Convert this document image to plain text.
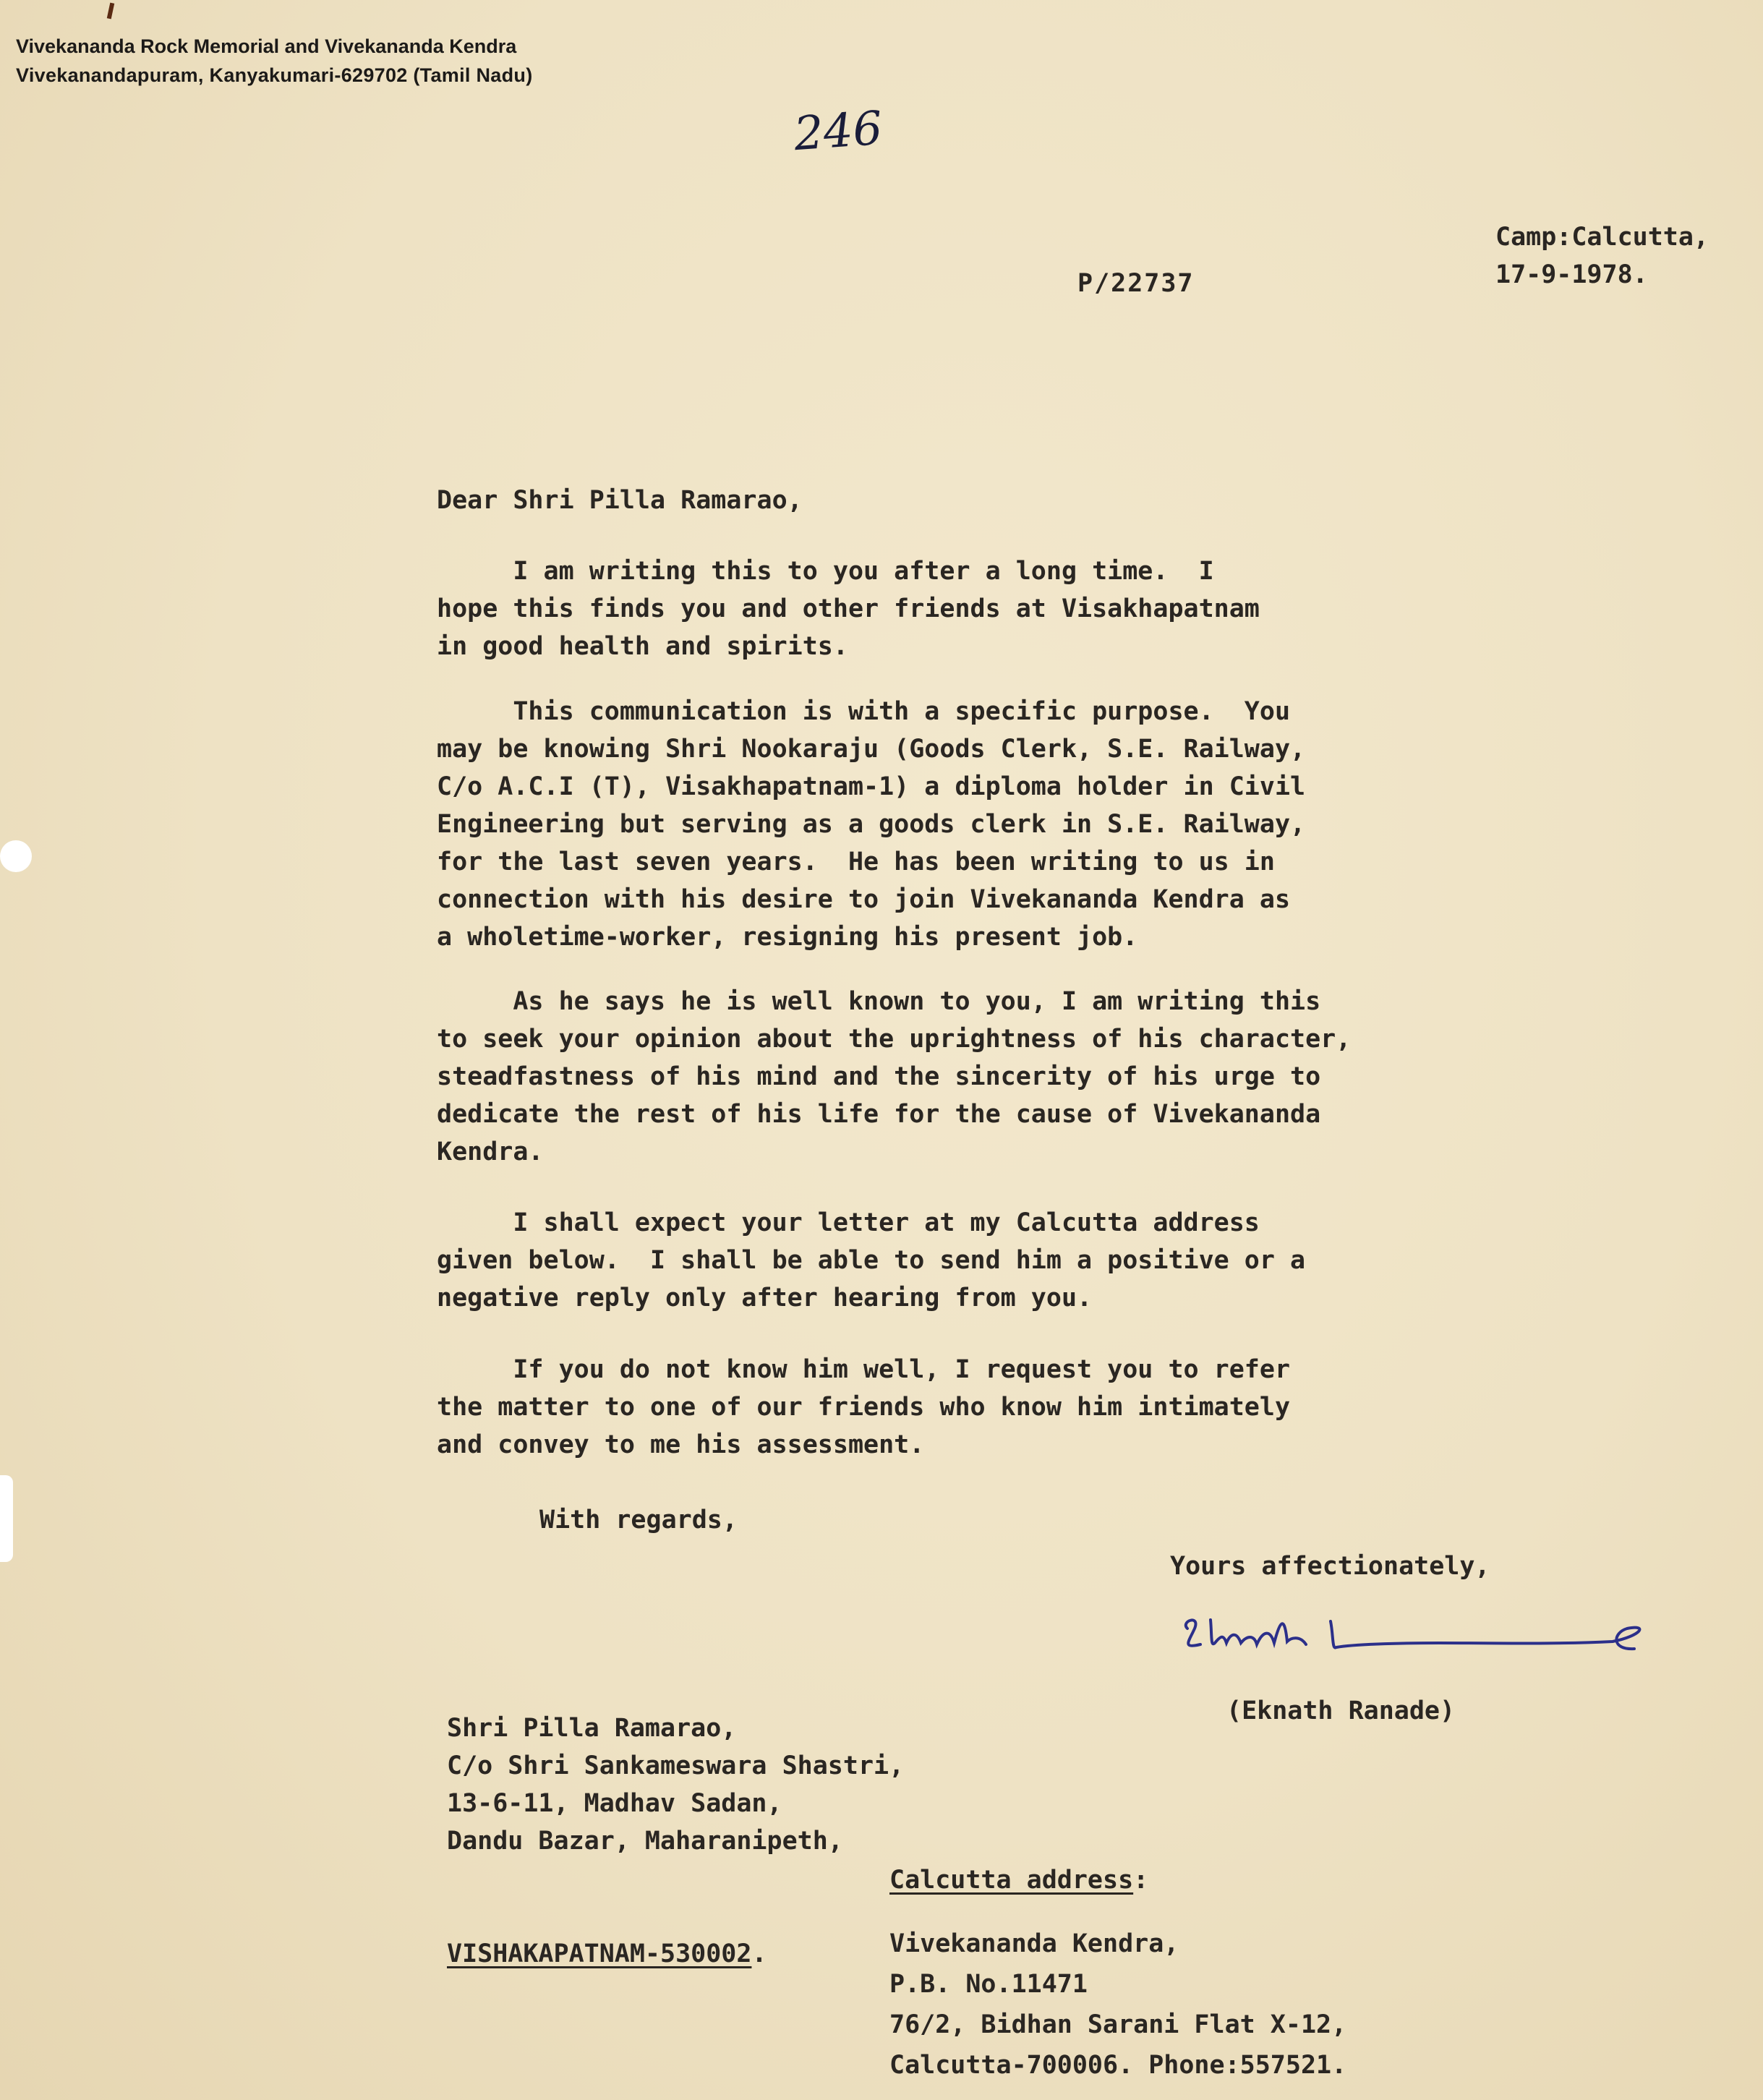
Vivekananda Rock Memorial and Vivekananda Kendra
Vivekanandapuram, Kanyakumari-629702 (Tamil Nadu)
246
P/22737
Camp:Calcutta,
17-9-1978.
Dear Shri Pilla Ramarao,
I am writing this to you after a long time.  I
hope this finds you and other friends at Visakhapatnam
in good health and spirits.
This communication is with a specific purpose.  You
may be knowing Shri Nookaraju (Goods Clerk, S.E. Railway,
C/o A.C.I (T), Visakhapatnam-1) a diploma holder in Civil
Engineering but serving as a goods clerk in S.E. Railway,
for the last seven years.  He has been writing to us in
connection with his desire to join Vivekananda Kendra as
a wholetime-worker, resigning his present job.
As he says he is well known to you, I am writing this
to seek your opinion about the uprightness of his character,
steadfastness of his mind and the sincerity of his urge to
dedicate the rest of his life for the cause of Vivekananda
Kendra.
I shall expect your letter at my Calcutta address
given below.  I shall be able to send him a positive or a
negative reply only after hearing from you.
If you do not know him well, I request you to refer
the matter to one of our friends who know him intimately
and convey to me his assessment.
With regards,
Yours affectionately,
(Eknath Ranade)

Shri Pilla Ramarao,
C/o Shri Sankameswara Shastri,
13-6-11, Madhav Sadan,
Dandu Bazar, Maharanipeth,

VISHAKAPATNAM-530002.

Calcutta address:
Vivekananda Kendra,
P.B. No.11471
76/2, Bidhan Sarani Flat X-12,
Calcutta-700006. Phone:557521.
